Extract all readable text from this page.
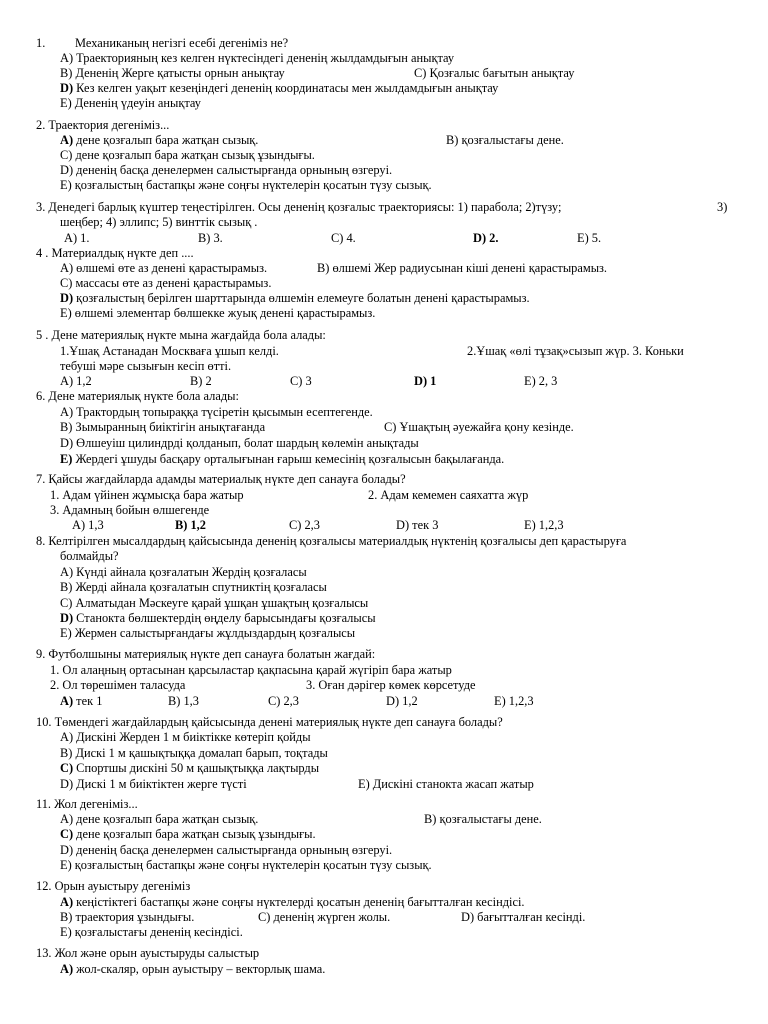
1. Механиканың негізгі есебі дегеніміз не?
A) Траекторияның кез келген нүктесіндегі дененің жылдамдығын анықтау
B) Дененің Жерге қатысты орнын анықтау	C) Қозғалыс бағытын анықтау
D) Кез келген уақыт кезеңіндегі дененің координатасы мен жылдамдығын анықтау
E) Дененің үдеуін анықтау
2. Траектория дегеніміз...
A) дене қозғалып бара жатқан сызық.	B) қозғалыстағы дене.
C) дене қозғалып бара жатқан сызық ұзындығы.
D) дененің басқа денелермен салыстырғанда орнының өзгеруі.
E) қозғалыстың бастапқы және соңғы нүктелерін қосатын түзу сызық.
3. Денедегі барлық күштер теңестірілген. Осы дененің қозғалыс траекториясы: 1) парабола; 2)түзу;	3)
шеңбер; 4) эллипс; 5) винттік сызық .
A) 1.	B) 3.	C) 4.	D) 2.	E) 5.
4 . Материалдық нүкте деп ....
A) өлшемі өте аз денені қарастырамыз.	B) өлшемі Жер радиусынан кіші денені қарастырамыз.
C) массасы өте аз денені қарастырамыз.
D) қозғалыстың берілген шарттарында өлшемін елемеуге болатын денені қарастырамыз.
E) өлшемі элементар бөлшекке жуық денені қарастырамыз.
5 . Дене материялық нүкте мына жағдайда бола алады:
1.Ұшақ Астанадан Москваға ұшып келді.	2.Ұшақ «өлі тұзақ»сызып жүр. 3. Коньки
тебуші мәре сызығын кесіп өтті.
A) 1,2	B) 2	C) 3	D) 1	E) 2, 3
6. Дене материялық нүкте бола алады:
A) Трактордың топыраққа түсіретін қысымын есептегенде.
B) Зымыранның биіктігін анықтағанда	C) Ұшақтың әуежайға қону кезінде.
D) Өлшеуіш цилиндрді қолданып, болат шардың көлемін анықтады
E) Жердегі ұшуды басқару орталығынан ғарыш кемесінің қозғалысын бақылағанда.
7. Қайсы жағдайларда адамды материалық нүкте деп санауға болады?
1. Адам үйінен жұмысқа бара жатыр	2. Адам кемемен саяхатта жүр
3. Адамның бойын өлшегенде
A) 1,3	B) 1,2	C) 2,3	D) тек 3	E) 1,2,3
8. Келтірілген мысалдардың қайсысында дененің қозғалысы материалдық нүктенің қозғалысы деп қарастыруға
болмайды?
A) Күнді айнала қозғалатын Жердің қозғаласы
B) Жерді айнала қозғалатын спутниктің қозғаласы
C) Алматыдан Мәскеуге қарай ұшқан ұшақтың қозғалысы
D) Станокта бөлшектердің өңделу барысындағы қозғалысы
E) Жермен салыстырғандағы жұлдыздардың қозғалысы
9. Футболшыны материялық нүкте деп санауға болатын жағдай:
1. Ол алаңның ортасынан қарсыластар қақпасына қарай жүгіріп бара жатыр
2. Ол төрешімен таласуда	3. Оған дәрігер көмек көрсетуде
A) тек 1	B) 1,3	C) 2,3	D) 1,2	E) 1,2,3
10. Төмендегі жағдайлардың қайсысында денені материялық нүкте деп санауға болады?
A) Дискіні Жерден 1 м биіктікке көтеріп қойды
B) Дискі 1 м қашықтыққа домалап барып, тоқтады
C) Спортшы дискіні 50 м қашықтыққа лақтырды
D) Дискі 1 м биіктіктен жерге түсті	E) Дискіні станокта жасап жатыр
11. Жол дегеніміз...
A) дене қозғалып бара жатқан сызық.	B) қозғалыстағы дене.
C) дене қозғалып бара жатқан сызық ұзындығы.
D) дененің басқа денелермен салыстырғанда орнының өзгеруі.
E) қозғалыстың бастапқы және соңғы нүктелерін қосатын түзу сызық.
12. Орын ауыстыру дегеніміз
A) кеңістіктегі бастапқы және соңғы нүктелерді қосатын дененің бағытталған кесіндісі.
B) траектория ұзындығы.	C) дененің жүрген жолы.	D) бағытталған кесінді.
E) қозғалыстағы дененің кесіндісі.
13. Жол және орын ауыстыруды салыстыр
A) жол-скаляр, орын ауыстыру – векторлық шама.
